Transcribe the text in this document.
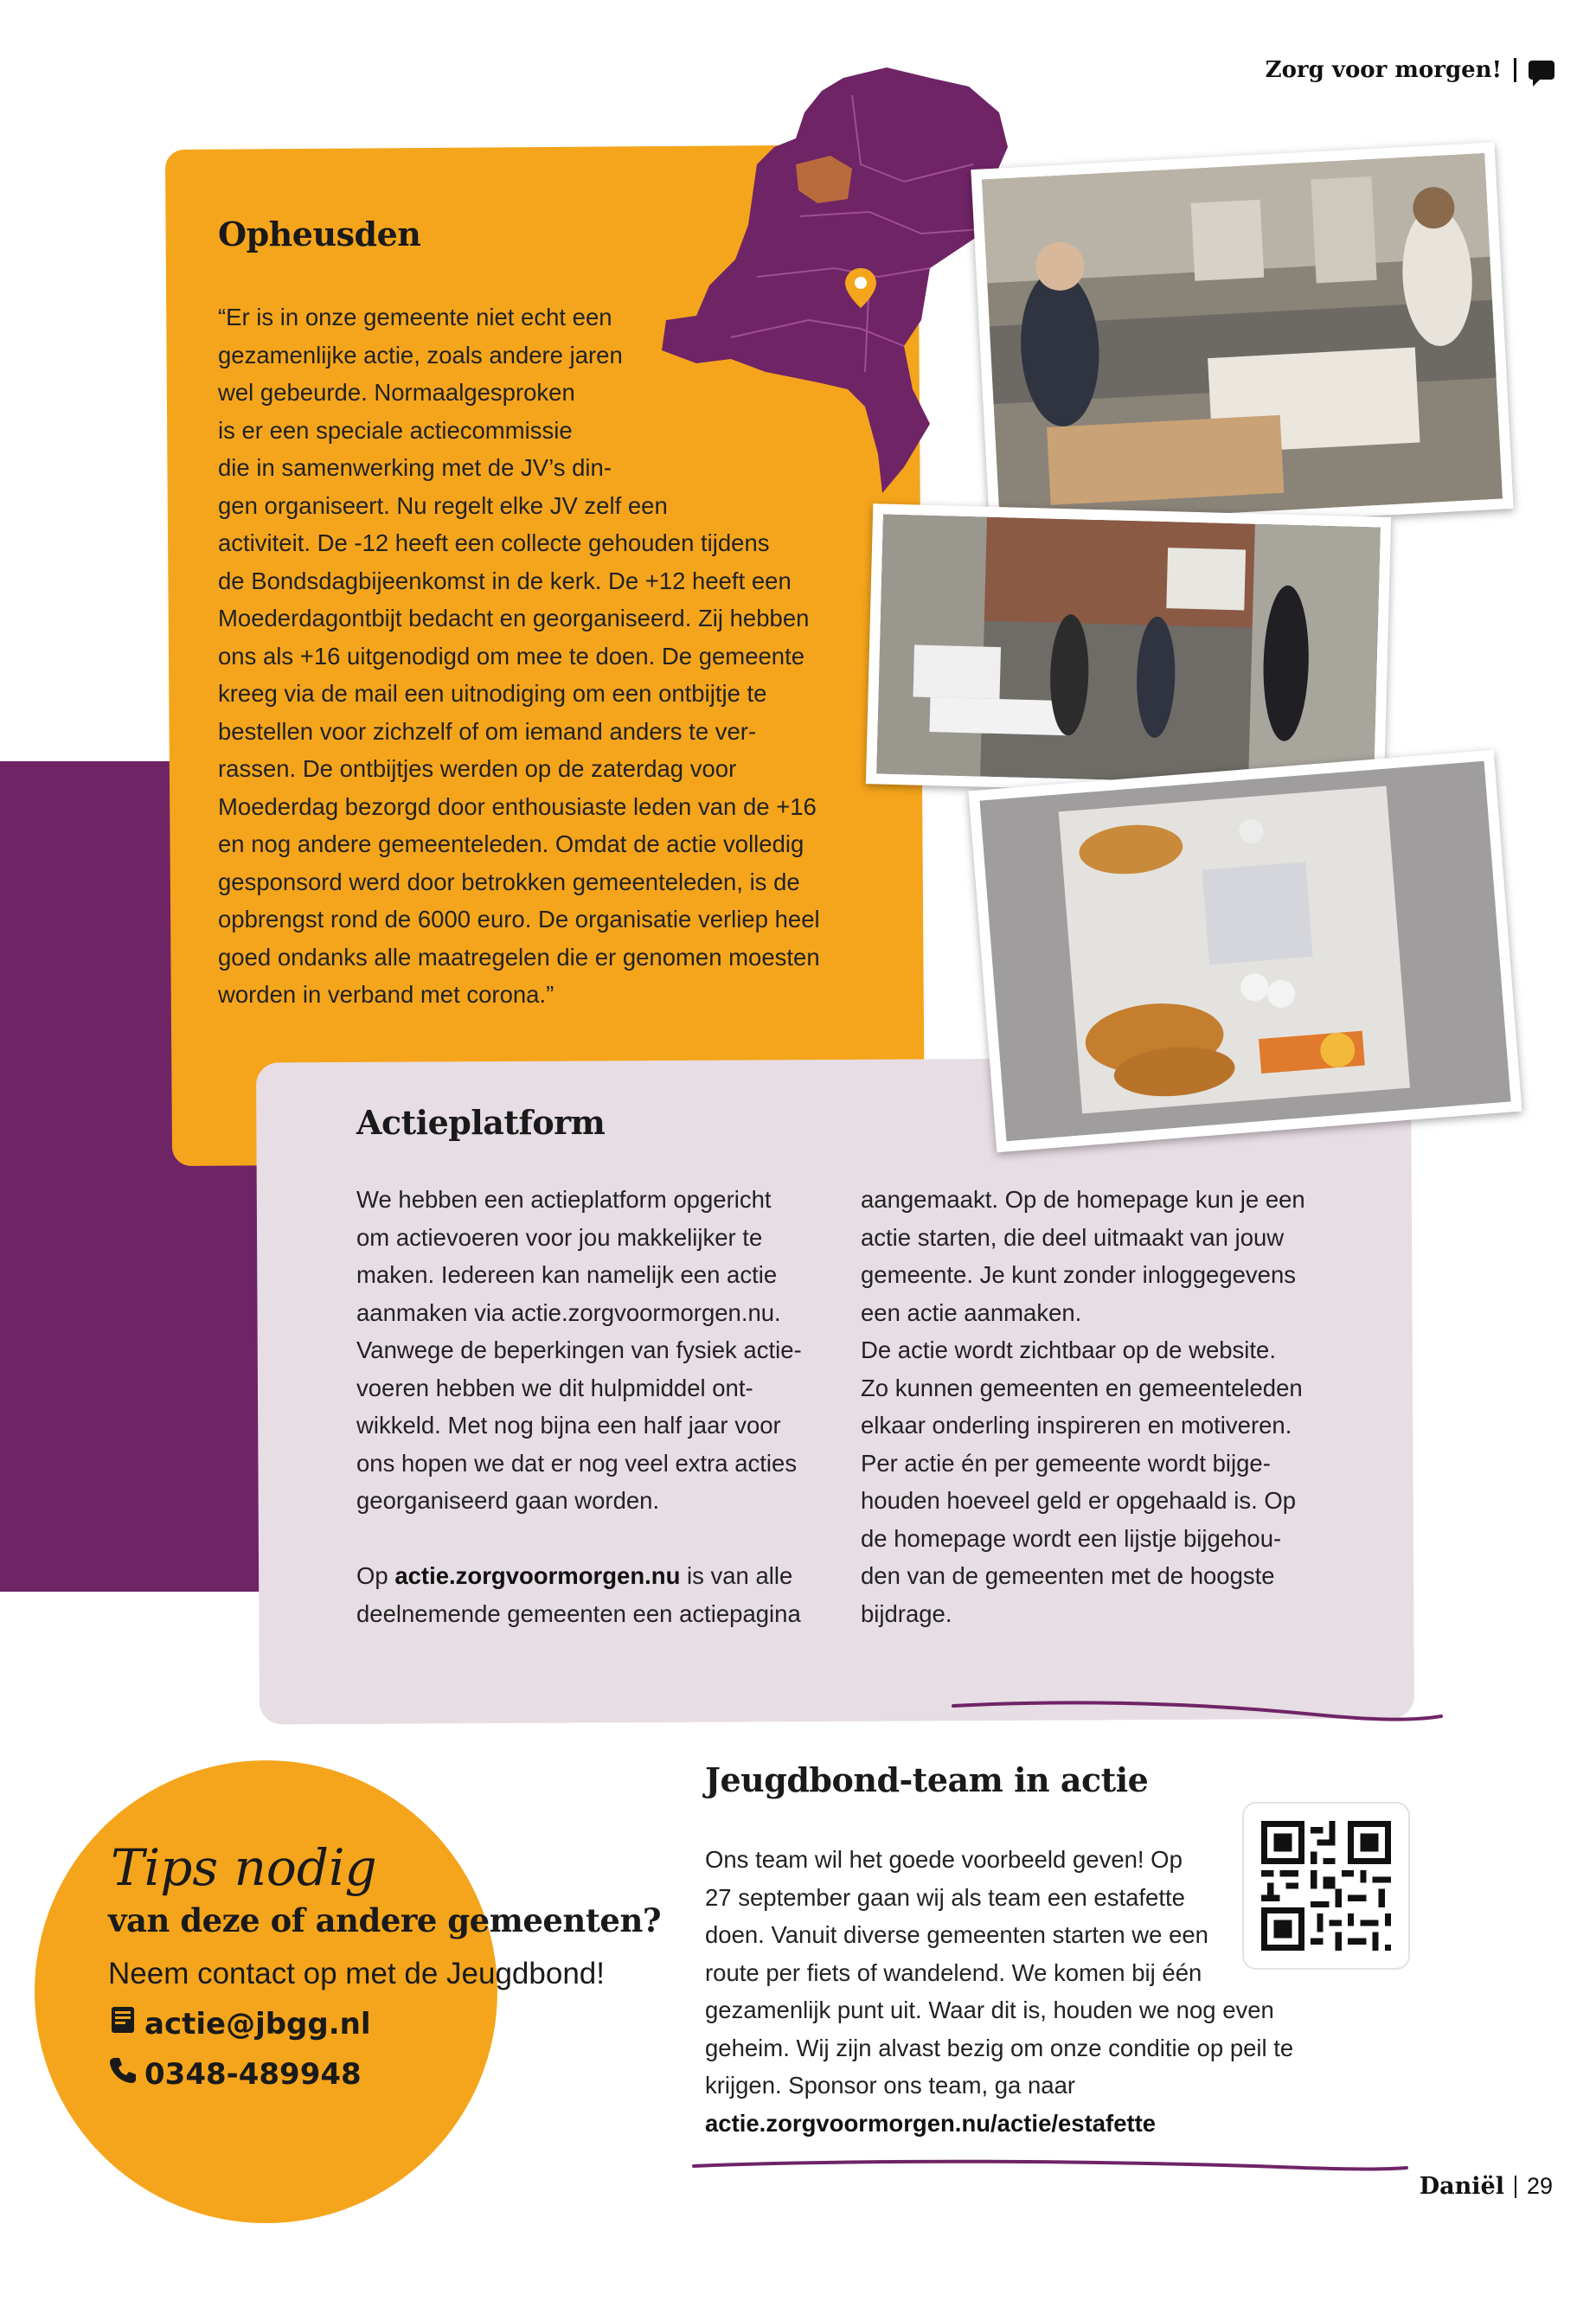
Zorg voor morgen!
Opheusden
“Er is in onze gemeente niet echt een
gezamenlijke actie, zoals andere jaren
wel gebeurde. Normaalgesproken
is er een speciale actiecommissie
die in samenwerking met de JV’s din-
gen organiseert. Nu regelt elke JV zelf een
activiteit. De -12 heeft een collecte gehouden tijdens
de Bondsdagbijeenkomst in de kerk. De +12 heeft een
Moederdagontbijt bedacht en georganiseerd. Zij hebben
ons als +16 uitgenodigd om mee te doen. De gemeente
kreeg via de mail een uitnodiging om een ontbijtje te
bestellen voor zichzelf of om iemand anders te ver-
rassen. De ontbijtjes werden op de zaterdag voor
Moederdag bezorgd door enthousiaste leden van de +16
en nog andere gemeenteleden. Omdat de actie volledig
gesponsord werd door betrokken gemeenteleden, is de
opbrengst rond de 6000 euro. De organisatie verliep heel
goed ondanks alle maatregelen die er genomen moesten
worden in verband met corona.”
Actieplatform
We hebben een actieplatform opgericht
om actievoeren voor jou makkelijker te
maken. Iedereen kan namelijk een actie
aanmaken via actie.zorgvoormorgen.nu.
Vanwege de beperkingen van fysiek actie-
voeren hebben we dit hulpmiddel ont-
wikkeld. Met nog bijna een half jaar voor
ons hopen we dat er nog veel extra acties
georganiseerd gaan worden.
Op actie.zorgvoormorgen.nu is van alle
deelnemende gemeenten een actiepagina
aangemaakt. Op de homepage kun je een
actie starten, die deel uitmaakt van jouw
gemeente. Je kunt zonder inloggegevens
een actie aanmaken.
De actie wordt zichtbaar op de website.
Zo kunnen gemeenten en gemeenteleden
elkaar onderling inspireren en motiveren.
Per actie én per gemeente wordt bijge-
houden hoeveel geld er opgehaald is. Op
de homepage wordt een lijstje bijgehou-
den van de gemeenten met de hoogste
bijdrage.
Jeugdbond-team in actie
Ons team wil het goede voorbeeld geven! Op
27 september gaan wij als team een estafette
doen. Vanuit diverse gemeenten starten we een
route per fiets of wandelend. We komen bij één
gezamenlijk punt uit. Waar dit is, houden we nog even
geheim. Wij zijn alvast bezig om onze conditie op peil te
krijgen. Sponsor ons team, ga naar
actie.zorgvoormorgen.nu/actie/estafette
Tips nodig
van deze of andere gemeenten?
Neem contact op met de Jeugdbond!
actie@jbgg.nl
0348-489948
Daniël 29
